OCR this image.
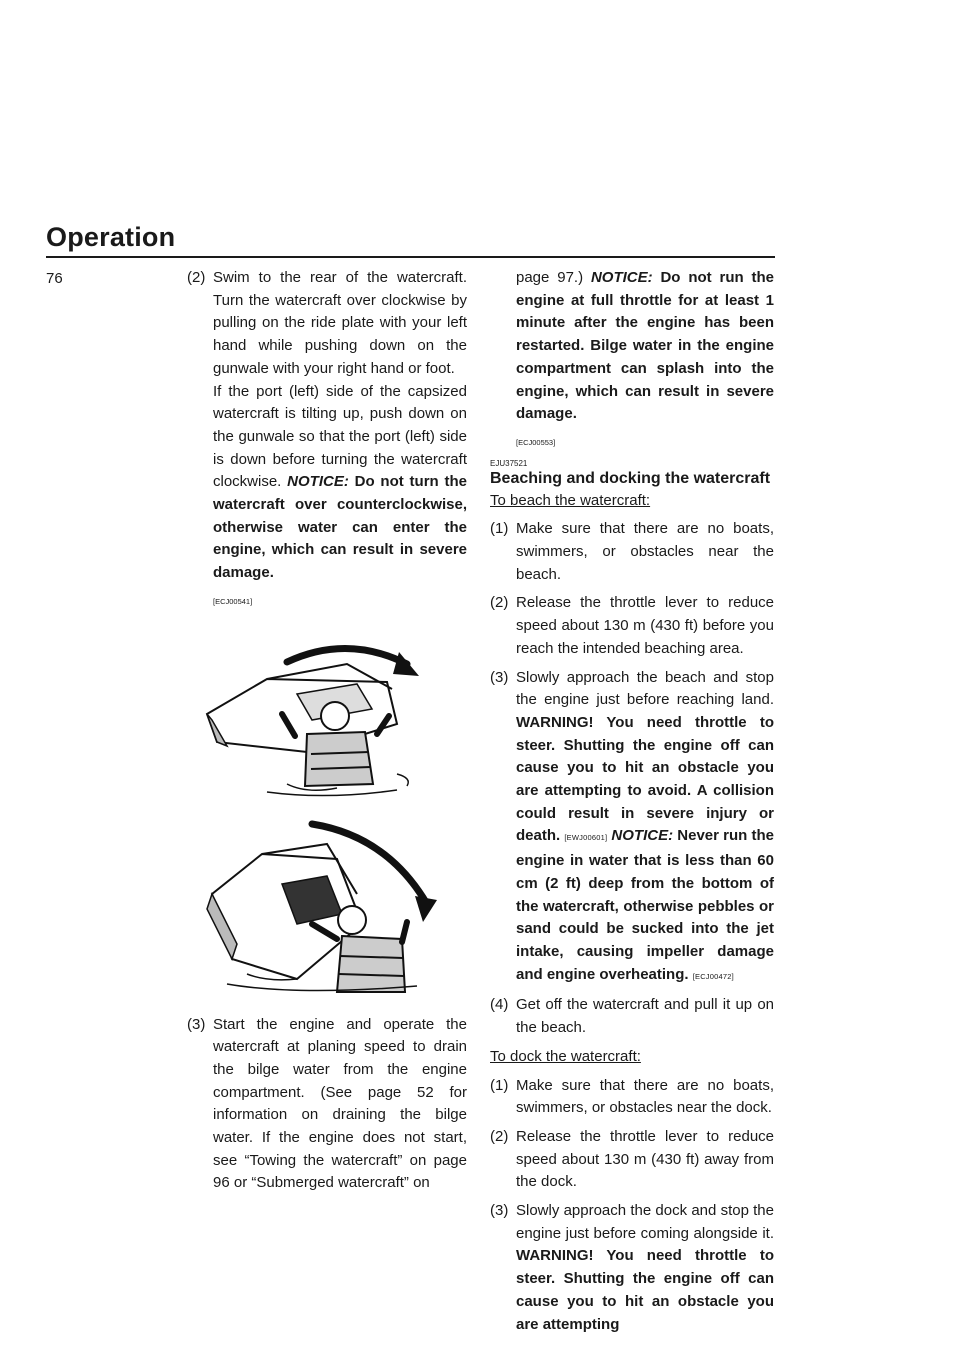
Operation
76	(2) Swim to the rear of the watercraft. Turn the watercraft over clockwise by pulling on the ride plate with your left hand while pushing down on the gunwale with your right hand or foot.

If the port (left) side of the capsized watercraft is tilting up, push down on the gunwale so that the port (left) side is down before turning the watercraft clockwise. NOTICE: Do not turn the watercraft over counterclockwise, otherwise water can enter the engine, which can result in severe damage.

[ECJ00541]
(3) Start the engine and operate the watercraft at planing speed to drain the bilge water from the engine compartment. (See page 52 for information on draining the bilge water. If the engine does not start, see “Towing the watercraft” on page 96 or “Submerged watercraft” on

page 97.) NOTICE: Do not run the engine at full throttle for at least 1 minute after the engine has been restarted. Bilge water in the engine compartment can splash into the engine, which can result in severe damage.

[ECJ00553]
EJU37521
Beaching and docking the watercraft

To beach the watercraft:

(1) Make sure that there are no boats, swimmers, or obstacles near the beach.

(2) Release the throttle lever to reduce speed about 130 m (430 ft) before you reach the intended beaching area.

(3) Slowly approach the beach and stop the engine just before reaching land. WARNING! You need throttle to steer. Shutting the engine off can cause you to hit an obstacle you are attempting to avoid. A collision could result in severe injury or death. [EWJ00601] NOTICE: Never run the engine in water that is less than 60 cm (2 ft) deep from the bottom of the watercraft, otherwise pebbles or sand could be sucked into the jet intake, causing impeller damage and engine overheating. [ECJ00472]

(4) Get off the watercraft and pull it up on the beach.

To dock the watercraft:

(1) Make sure that there are no boats, swimmers, or obstacles near the dock.

(2) Release the throttle lever to reduce speed about 130 m (430 ft) away from the dock.

(3) Slowly approach the dock and stop the engine just before coming alongside it. WARNING! You need throttle to steer. Shutting the engine off can cause you to hit an obstacle you are attempting
